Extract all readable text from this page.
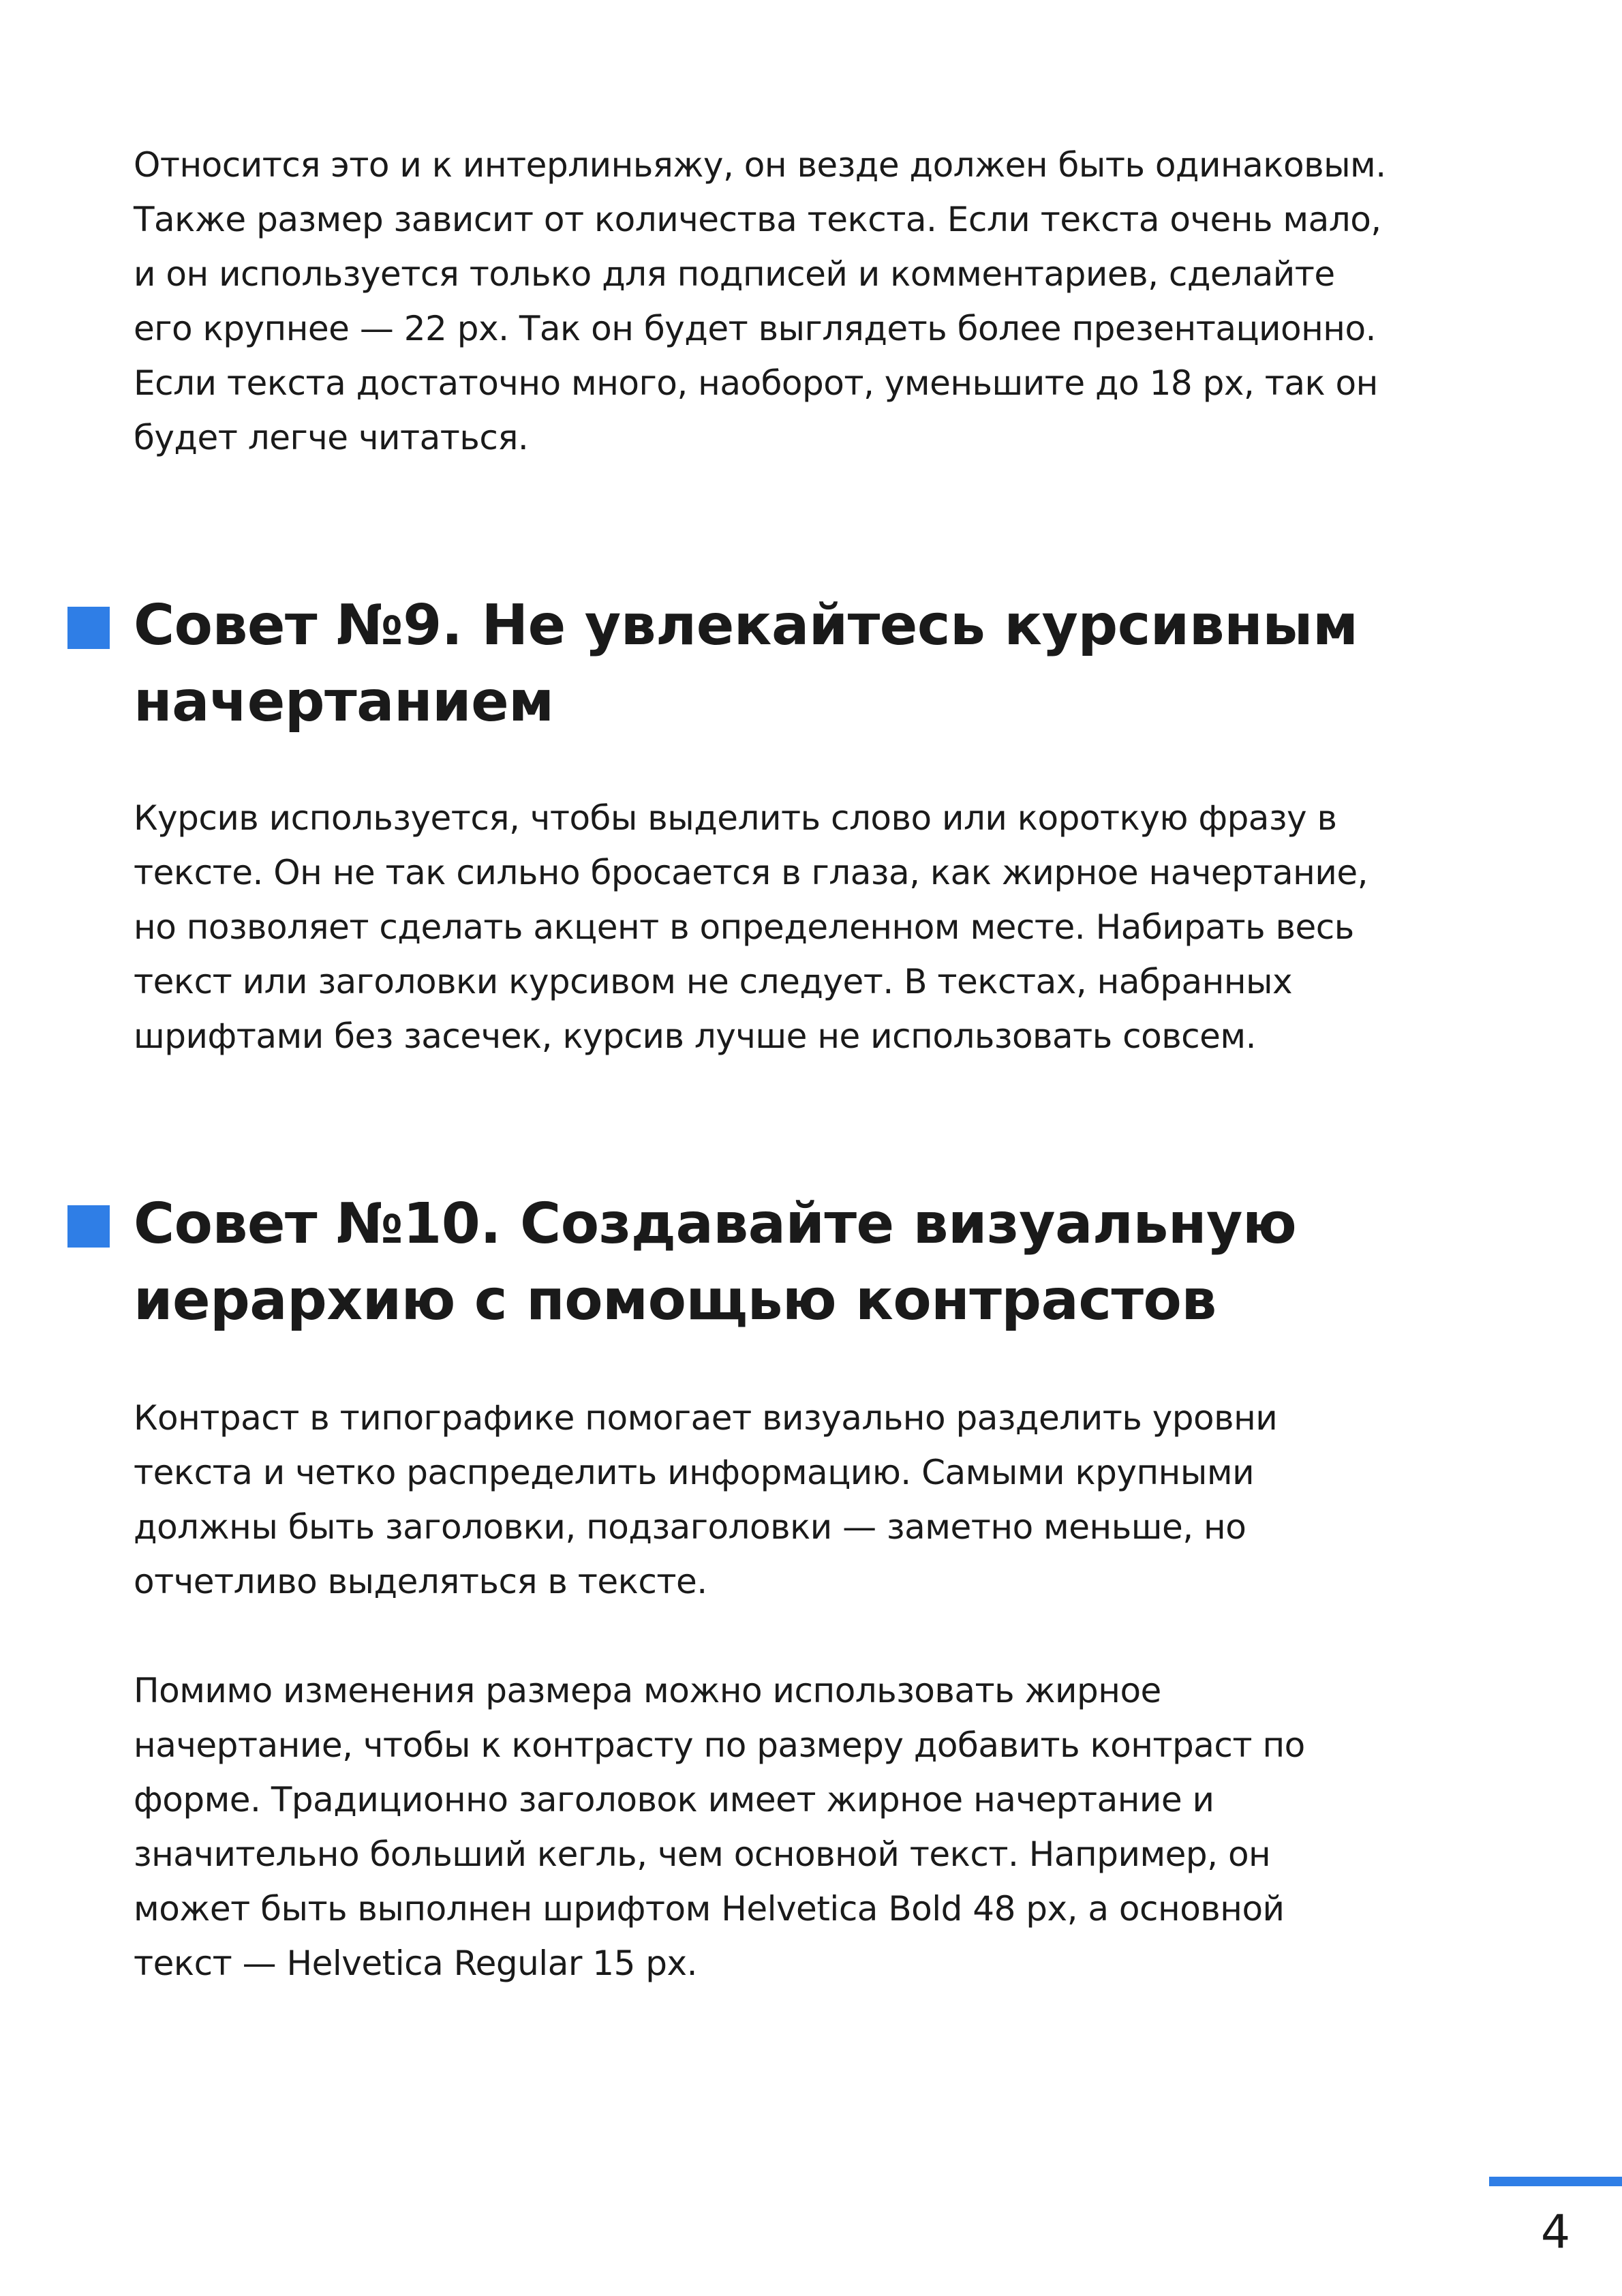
Относится это и к интерлиньяжу, он везде должен быть одинаковым.
Также размер зависит от количества текста. Если текста очень мало,
и он используется только для подписей и комментариев, сделайте
его крупнее — 22 px. Так он будет выглядеть более презентационно.
Если текста достаточно много, наоборот, уменьшите до 18 px, так он
будет легче читаться.

Совет №9. Не увлекайтесь курсивным
начертанием

Курсив используется, чтобы выделить слово или короткую фразу в
тексте. Он не так сильно бросается в глаза, как жирное начертание,
но позволяет сделать акцент в определенном месте. Набирать весь
текст или заголовки курсивом не следует. В текстах, набранных
шрифтами без засечек, курсив лучше не использовать совсем.

Совет №10. Создавайте визуальную
иерархию с помощью контрастов

Контраст в типографике помогает визуально разделить уровни
текста и четко распределить информацию. Самыми крупными
должны быть заголовки, подзаголовки — заметно меньше, но
отчетливо выделяться в тексте.

Помимо изменения размера можно использовать жирное
начертание, чтобы к контрасту по размеру добавить контраст по
форме. Традиционно заголовок имеет жирное начертание и
значительно больший кегль, чем основной текст. Например, он
может быть выполнен шрифтом Helvetica Bold 48 px, а основной
текст — Helvetica Regular 15 px.

4
